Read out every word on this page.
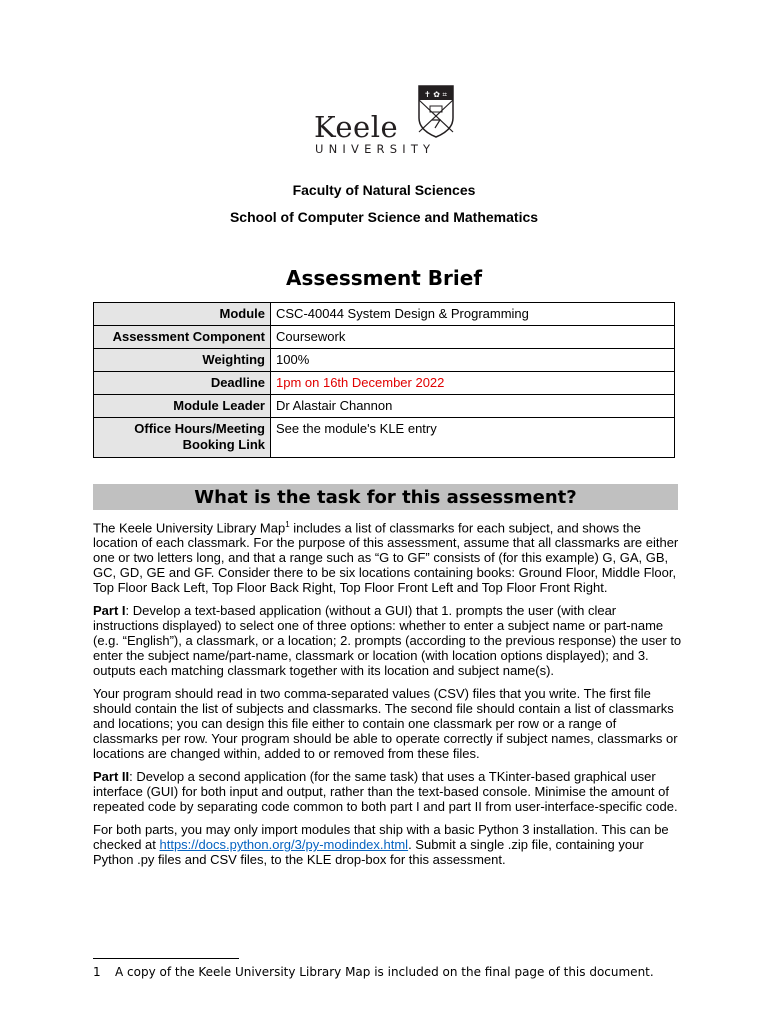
Keele
UNIVERSITY
✝ ✿ ⌗
Faculty of Natural Sciences
School of Computer Science and Mathematics
Assessment Brief
Module	CSC-40044 System Design & Programming
Assessment Component	Coursework
Weighting	100%
Deadline	1pm on 16th December 2022
Module Leader	Dr Alastair Channon
Office Hours/Meeting Booking Link	See the module's KLE entry
What is the task for this assessment?

The Keele University Library Map$^1$ includes a list of classmarks for each subject, and shows the location of each classmark. For the purpose of this assessment, assume that all classmarks are either one or two letters long, and that a range such as “G to GF” consists of (for this example) G, GA, GB, GC, GD, GE and GF. Consider there to be six locations containing books: Ground Floor, Middle Floor, Top Floor Back Left, Top Floor Back Right, Top Floor Front Left and Top Floor Front Right.

Part I: Develop a text-based application (without a GUI) that 1. prompts the user (with clear instructions displayed) to select one of three options: whether to enter a subject name or part-name (e.g. “English”), a classmark, or a location; 2. prompts (according to the previous response) the user to enter the subject name/part-name, classmark or location (with location options displayed); and 3. outputs each matching classmark together with its location and subject name(s).

Your program should read in two comma-separated values (CSV) files that you write. The first file should contain the list of subjects and classmarks. The second file should contain a list of classmarks and locations; you can design this file either to contain one classmark per row or a range of classmarks per row. Your program should be able to operate correctly if subject names, classmarks or locations are changed within, added to or removed from these files.

Part II: Develop a second application (for the same task) that uses a TKinter-based graphical user interface (GUI) for both input and output, rather than the text-based console. Minimise the amount of repeated code by separating code common to both part I and part II from user-interface-specific code.

For both parts, you may only import modules that ship with a basic Python 3 installation. This can be checked at https://docs.python.org/3/py-modindex.html. Submit a single .zip file, containing your Python .py files and CSV files, to the KLE drop-box for this assessment.

1 A copy of the Keele University Library Map is included on the final page of this document.
